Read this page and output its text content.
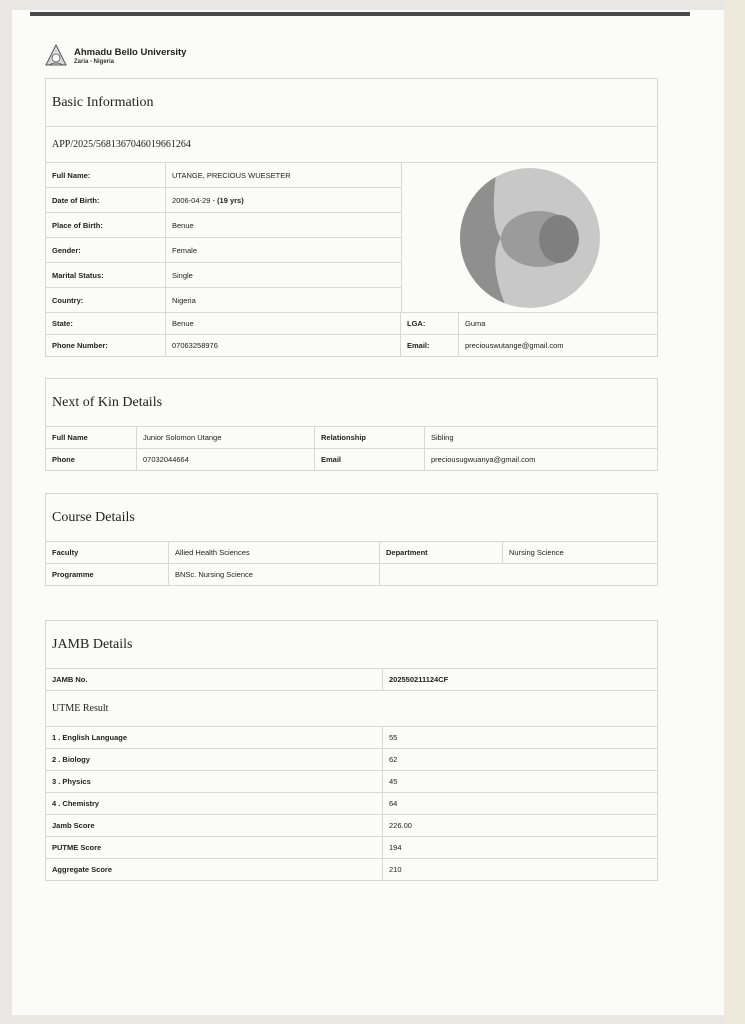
Ahmadu Bello University
Zaria - Nigeria
Basic Information
APP/2025/5681367046019661264
Full Name:	UTANGE, PRECIOUS WUESETER
Date of Birth:	2006-04-29 -
(19 yrs)
Place of Birth:	Benue
Gender:	Female
Marital Status:	Single
Country:	Nigeria
State:	Benue	LGA:	Guma
Phone Number:	07063258976	Email:	preciouswutange@gmail.com
Next of Kin Details
Full Name	Junior Solomon Utange	Relationship	Sibling
Phone	07032044664	Email	preciousugwuanya@gmail.com
Course Details
Faculty	Allied Health Sciences	Department	Nursing Science
Programme	BNSc. Nursing Science
JAMB Details
JAMB No.	202550211124CF
UTME Result
1 . English Language	55
2 . Biology	62
3 . Physics	45
4 . Chemistry	64
Jamb Score	226.00
PUTME Score	194
Aggregate Score	210
